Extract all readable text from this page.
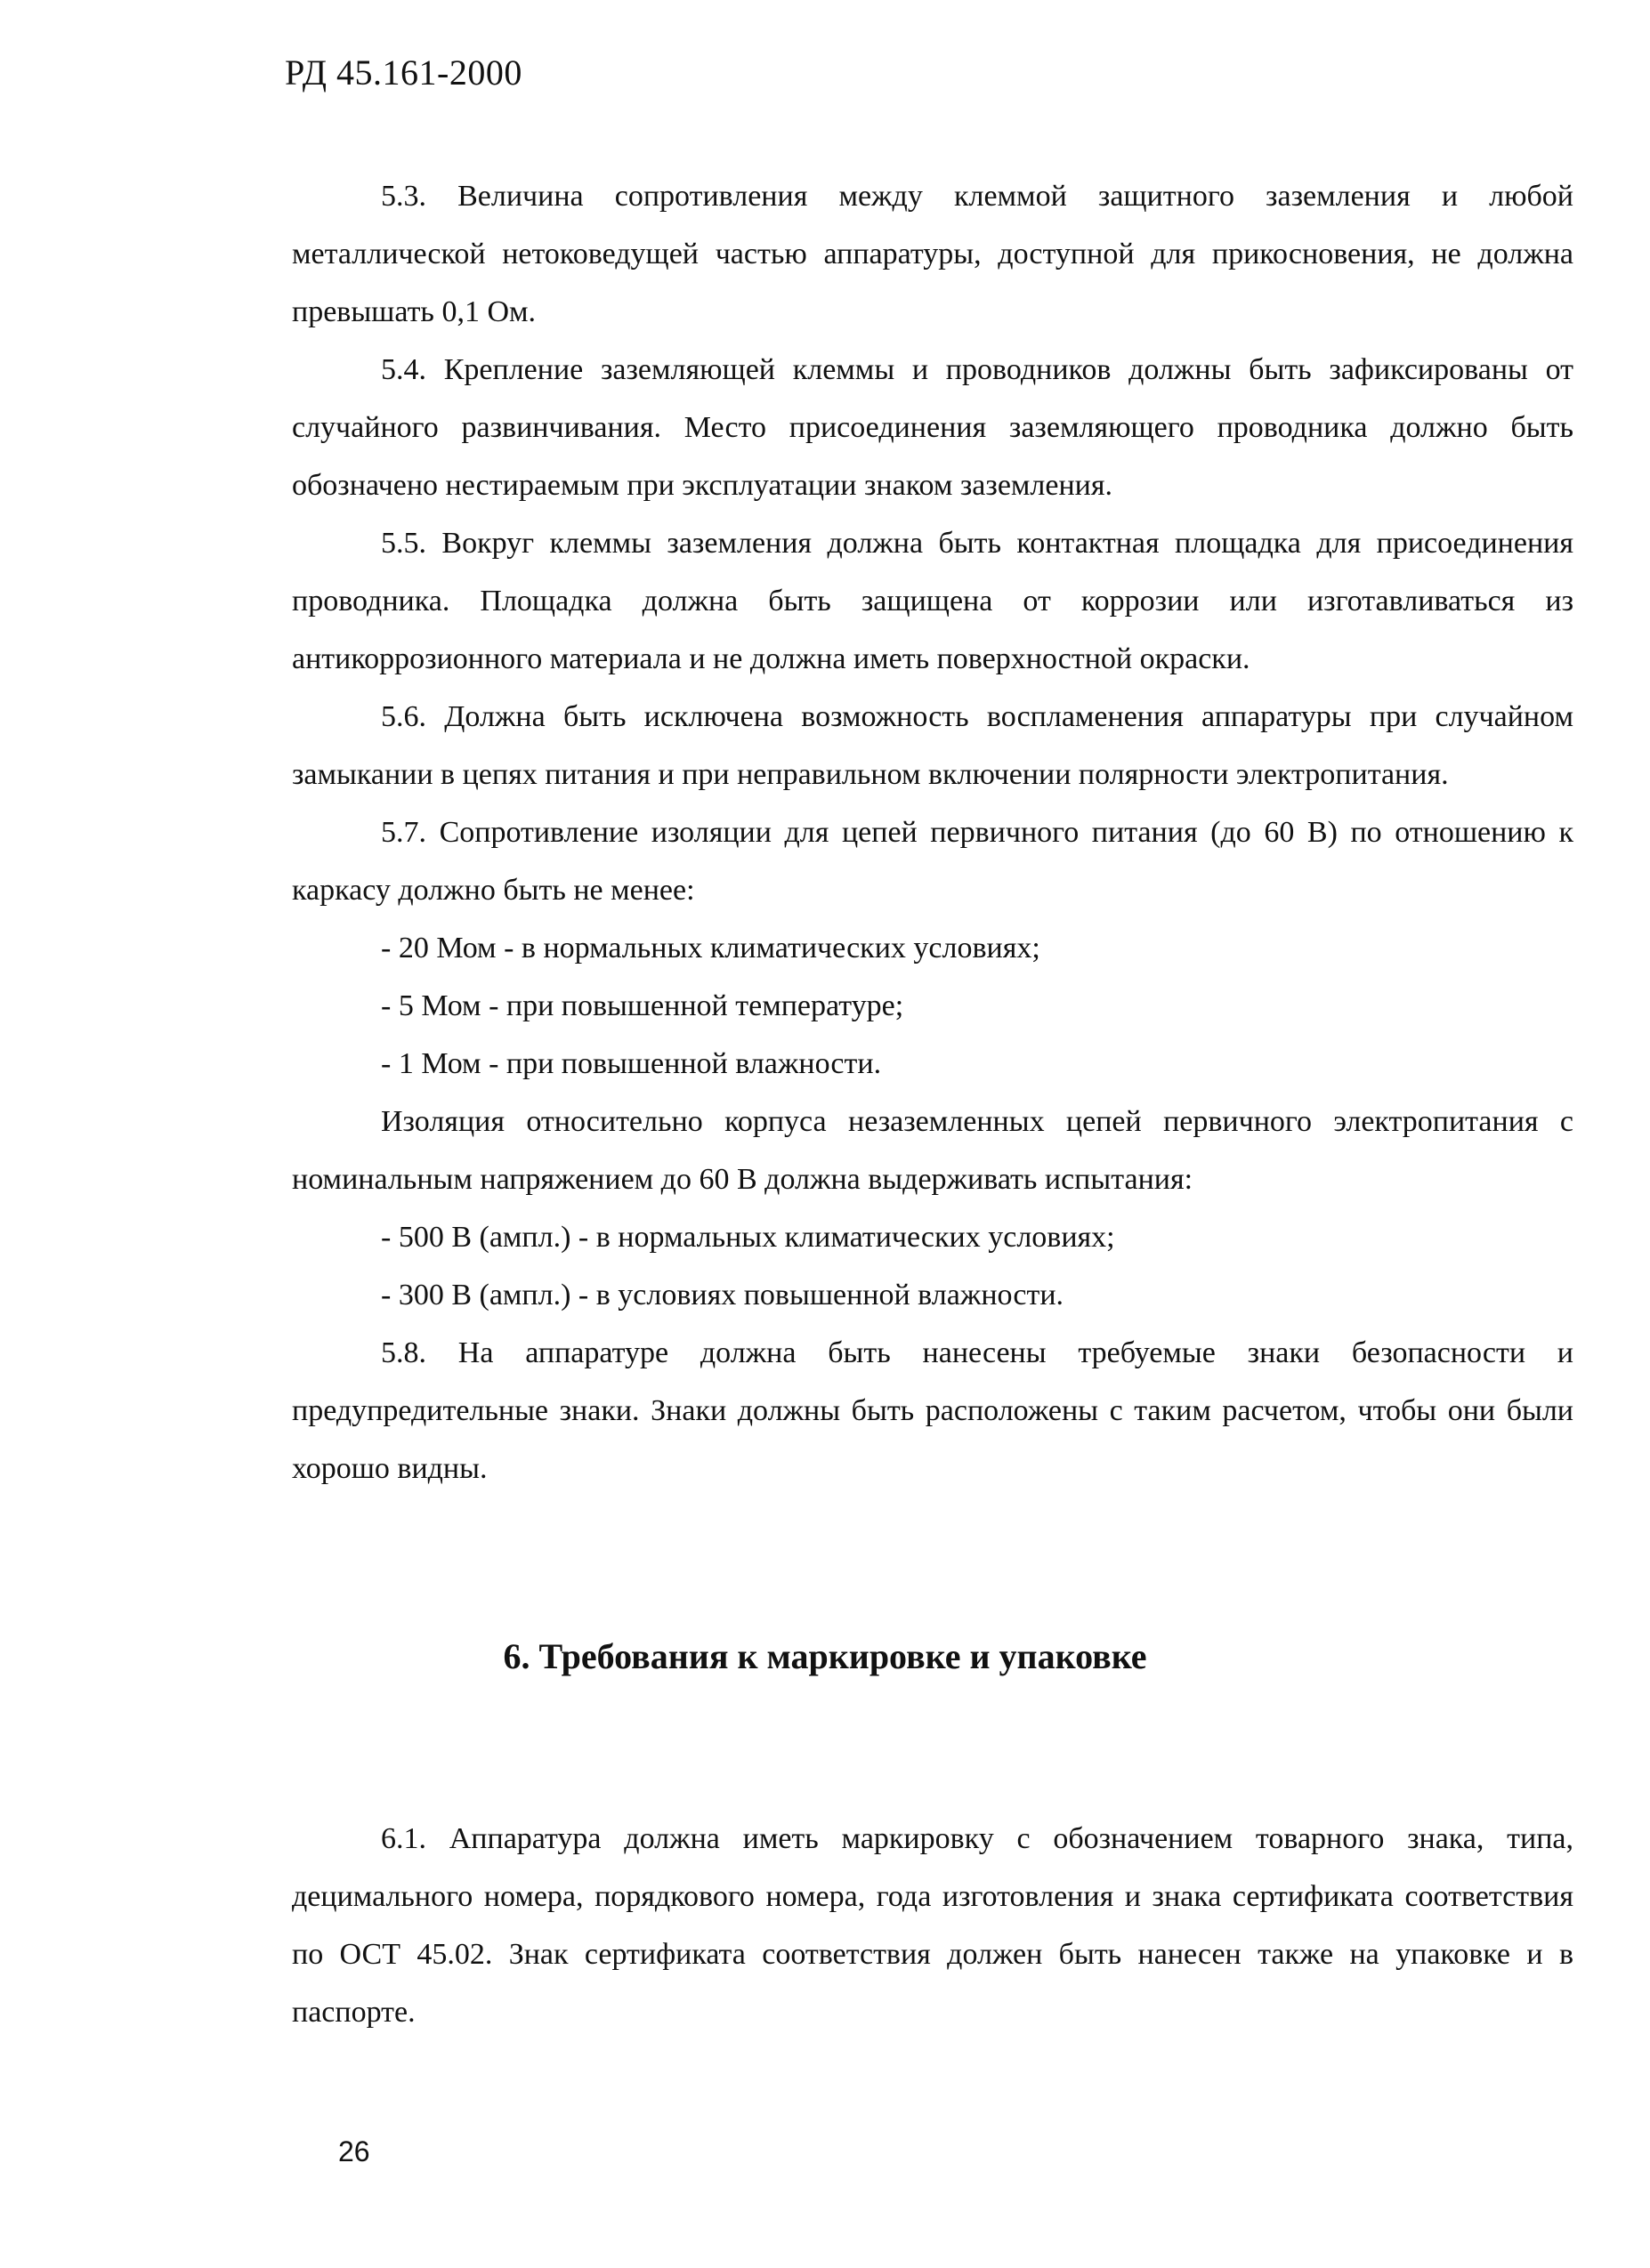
РД 45.161-2000

5.3. Величина сопротивления между клеммой защитного заземления и любой металлической нетоковедущей частью аппаратуры, доступной для прикосновения, не должна превышать 0,1 Ом.

5.4. Крепление заземляющей клеммы и проводников должны быть зафиксированы от случайного развинчивания. Место присоединения заземляющего проводника должно быть обозначено нестираемым при эксплуатации знаком заземления.

5.5. Вокруг клеммы заземления должна быть контактная площадка для присоединения проводника. Площадка должна быть защищена от коррозии или изготавливаться из антикоррозионного материала и не должна иметь поверхностной окраски.

5.6. Должна быть исключена возможность воспламенения аппаратуры при случайном замыкании в цепях питания и при неправильном включении полярности электропитания.

5.7. Сопротивление изоляции для цепей первичного питания (до 60 В) по отношению к каркасу должно быть не менее:

- 20 Мом - в нормальных климатических условиях;

- 5 Мом - при повышенной температуре;

- 1 Мом - при повышенной влажности.

Изоляция относительно корпуса незаземленных цепей первичного электропитания с номинальным напряжением до 60 В должна выдерживать испытания:

- 500 В (ампл.) - в нормальных климатических условиях;

- 300 В (ампл.) - в условиях повышенной влажности.

5.8. На аппаратуре должна быть нанесены требуемые знаки безопасности и предупредительные знаки. Знаки должны быть расположены с таким расчетом, чтобы они были хорошо видны.

6. Требования к маркировке и упаковке

6.1. Аппаратура должна иметь маркировку с обозначением товарного знака, типа, децимального номера, порядкового номера, года изготовления и знака сертификата соответствия по ОСТ 45.02. Знак сертификата соответствия должен быть нанесен также на упаковке и в паспорте.

26
